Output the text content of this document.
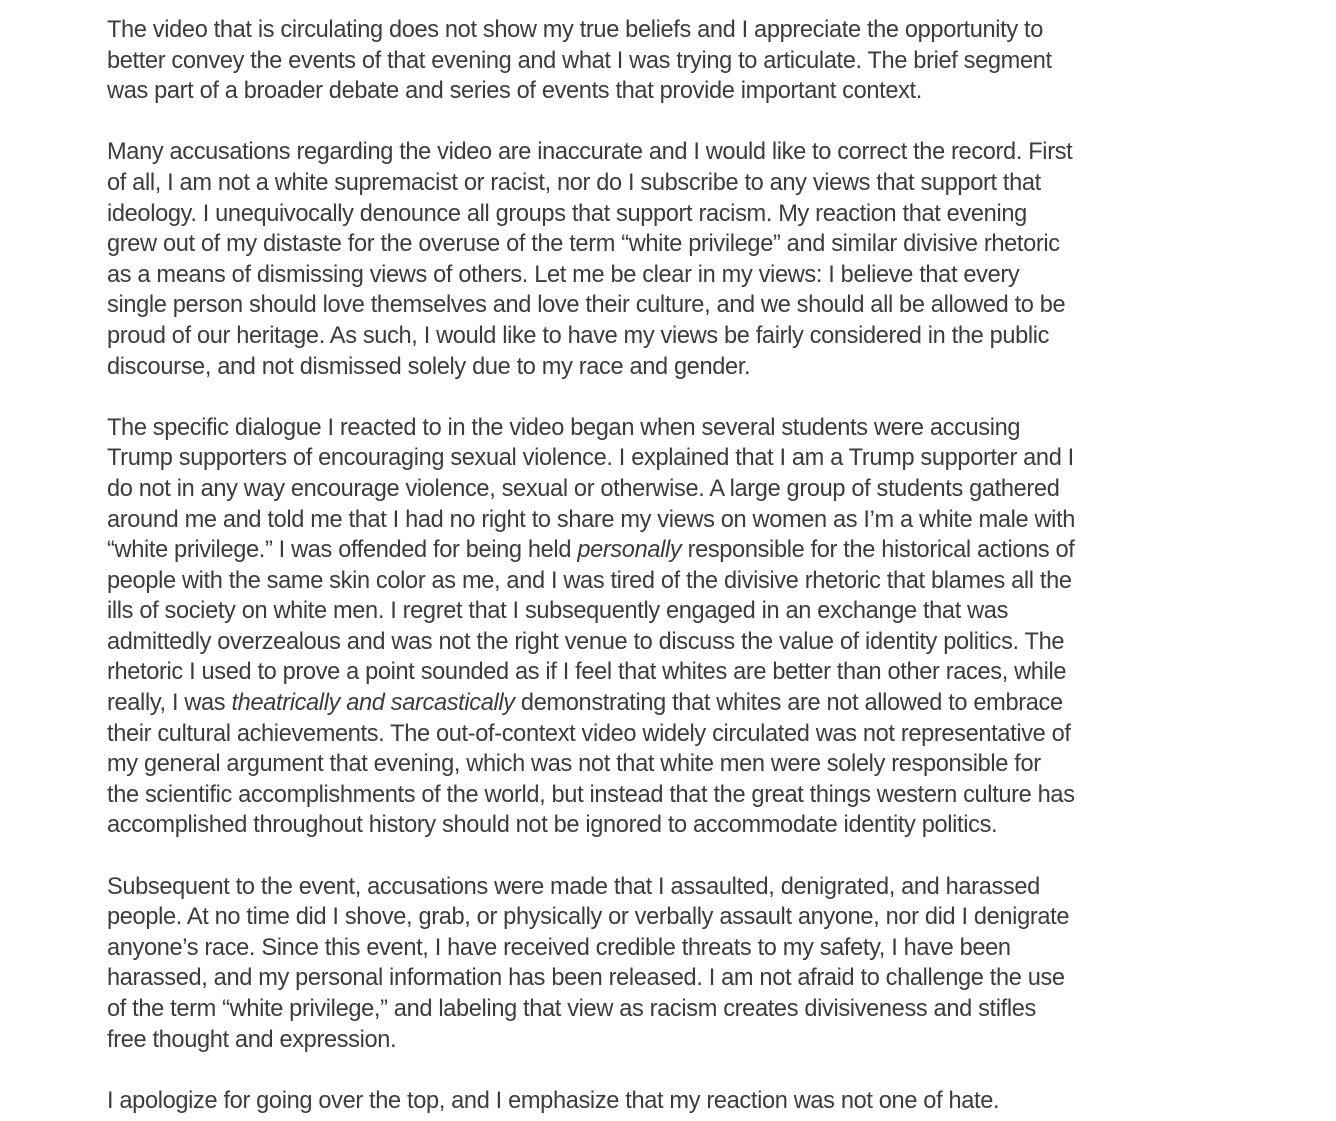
The video that is circulating does not show my true beliefs and I appreciate the opportunity to
better convey the events of that evening and what I was trying to articulate. The brief segment
was part of a broader debate and series of events that provide important context.
Many accusations regarding the video are inaccurate and I would like to correct the record. First
of all, I am not a white supremacist or racist, nor do I subscribe to any views that support that
ideology. I unequivocally denounce all groups that support racism. My reaction that evening
grew out of my distaste for the overuse of the term “white privilege” and similar divisive rhetoric
as a means of dismissing views of others. Let me be clear in my views: I believe that every
single person should love themselves and love their culture, and we should all be allowed to be
proud of our heritage. As such, I would like to have my views be fairly considered in the public
discourse, and not dismissed solely due to my race and gender.
The specific dialogue I reacted to in the video began when several students were accusing
Trump supporters of encouraging sexual violence. I explained that I am a Trump supporter and I
do not in any way encourage violence, sexual or otherwise. A large group of students gathered
around me and told me that I had no right to share my views on women as I’m a white male with
“white privilege.” I was offended for being held personally responsible for the historical actions of
people with the same skin color as me, and I was tired of the divisive rhetoric that blames all the
ills of society on white men. I regret that I subsequently engaged in an exchange that was
admittedly overzealous and was not the right venue to discuss the value of identity politics. The
rhetoric I used to prove a point sounded as if I feel that whites are better than other races, while
really, I was theatrically and sarcastically demonstrating that whites are not allowed to embrace
their cultural achievements. The out-of-context video widely circulated was not representative of
my general argument that evening, which was not that white men were solely responsible for
the scientific accomplishments of the world, but instead that the great things western culture has
accomplished throughout history should not be ignored to accommodate identity politics.
Subsequent to the event, accusations were made that I assaulted, denigrated, and harassed
people. At no time did I shove, grab, or physically or verbally assault anyone, nor did I denigrate
anyone’s race. Since this event, I have received credible threats to my safety, I have been
harassed, and my personal information has been released. I am not afraid to challenge the use
of the term “white privilege,” and labeling that view as racism creates divisiveness and stifles
free thought and expression.
I apologize for going over the top, and I emphasize that my reaction was not one of hate.
